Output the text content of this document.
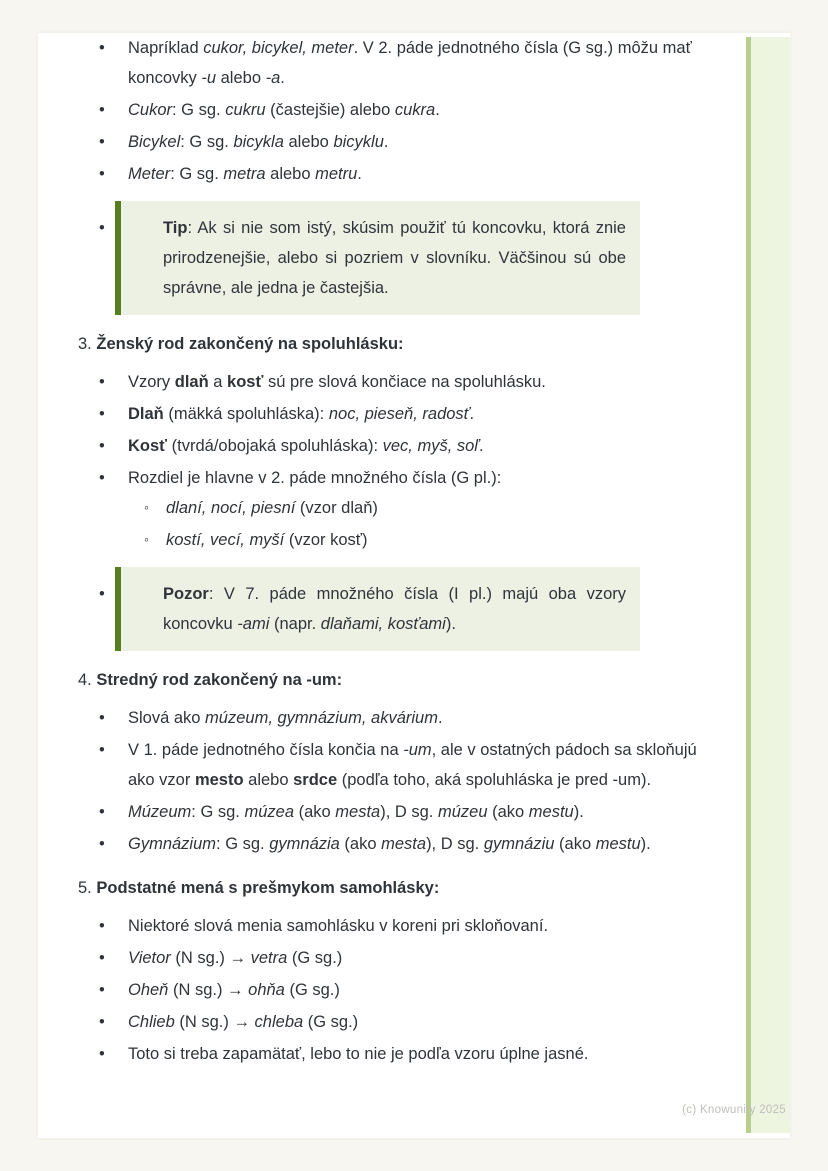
• Napríklad cukor, bicykel, meter. V 2. páde jednotného čísla (G sg.) môžu mať koncovky -u alebo -a.
• Cukor: G sg. cukru (častejšie) alebo cukra.
• Bicykel: G sg. bicykla alebo bicyklu.
• Meter: G sg. metra alebo metru.
•	Tip: Ak si nie som istý, skúsim použiť tú koncovku, ktorá znie prirodzenejšie, alebo si pozriem v slovníku. Väčšinou sú obe správne, ale jedna je častejšia.
3. Ženský rod zakončený na spoluhlásku:
• Vzory dlaň a kosť sú pre slová končiace na spoluhlásku.
• Dlaň (mäkká spoluhláska): noc, pieseň, radosť.
• Kosť (tvrdá/obojaká spoluhláska): vec, myš, soľ.
• Rozdiel je hlavne v 2. páde množného čísla (G pl.):
◦ dlaní, nocí, piesní (vzor dlaň)
◦ kostí, vecí, myší (vzor kosť)
•	Pozor: V 7. páde množného čísla (I pl.) majú oba vzory koncovku -ami (napr. dlaňami, kosťami).
4. Stredný rod zakončený na -um:
• Slová ako múzeum, gymnázium, akvárium.
• V 1. páde jednotného čísla končia na -um, ale v ostatných pádoch sa skloňujú ako vzor mesto alebo srdce (podľa toho, aká spoluhláska je pred -um).
• Múzeum: G sg. múzea (ako mesta), D sg. múzeu (ako mestu).
• Gymnázium: G sg. gymnázia (ako mesta), D sg. gymnáziu (ako mestu).
5. Podstatné mená s prešmykom samohlásky:
• Niektoré slová menia samohlásku v koreni pri skloňovaní.
• Vietor (N sg.) → vetra (G sg.)
• Oheň (N sg.) → ohňa (G sg.)
• Chlieb (N sg.) → chleba (G sg.)
• Toto si treba zapamätať, lebo to nie je podľa vzoru úplne jasné.
(c) Knowunity 2025
